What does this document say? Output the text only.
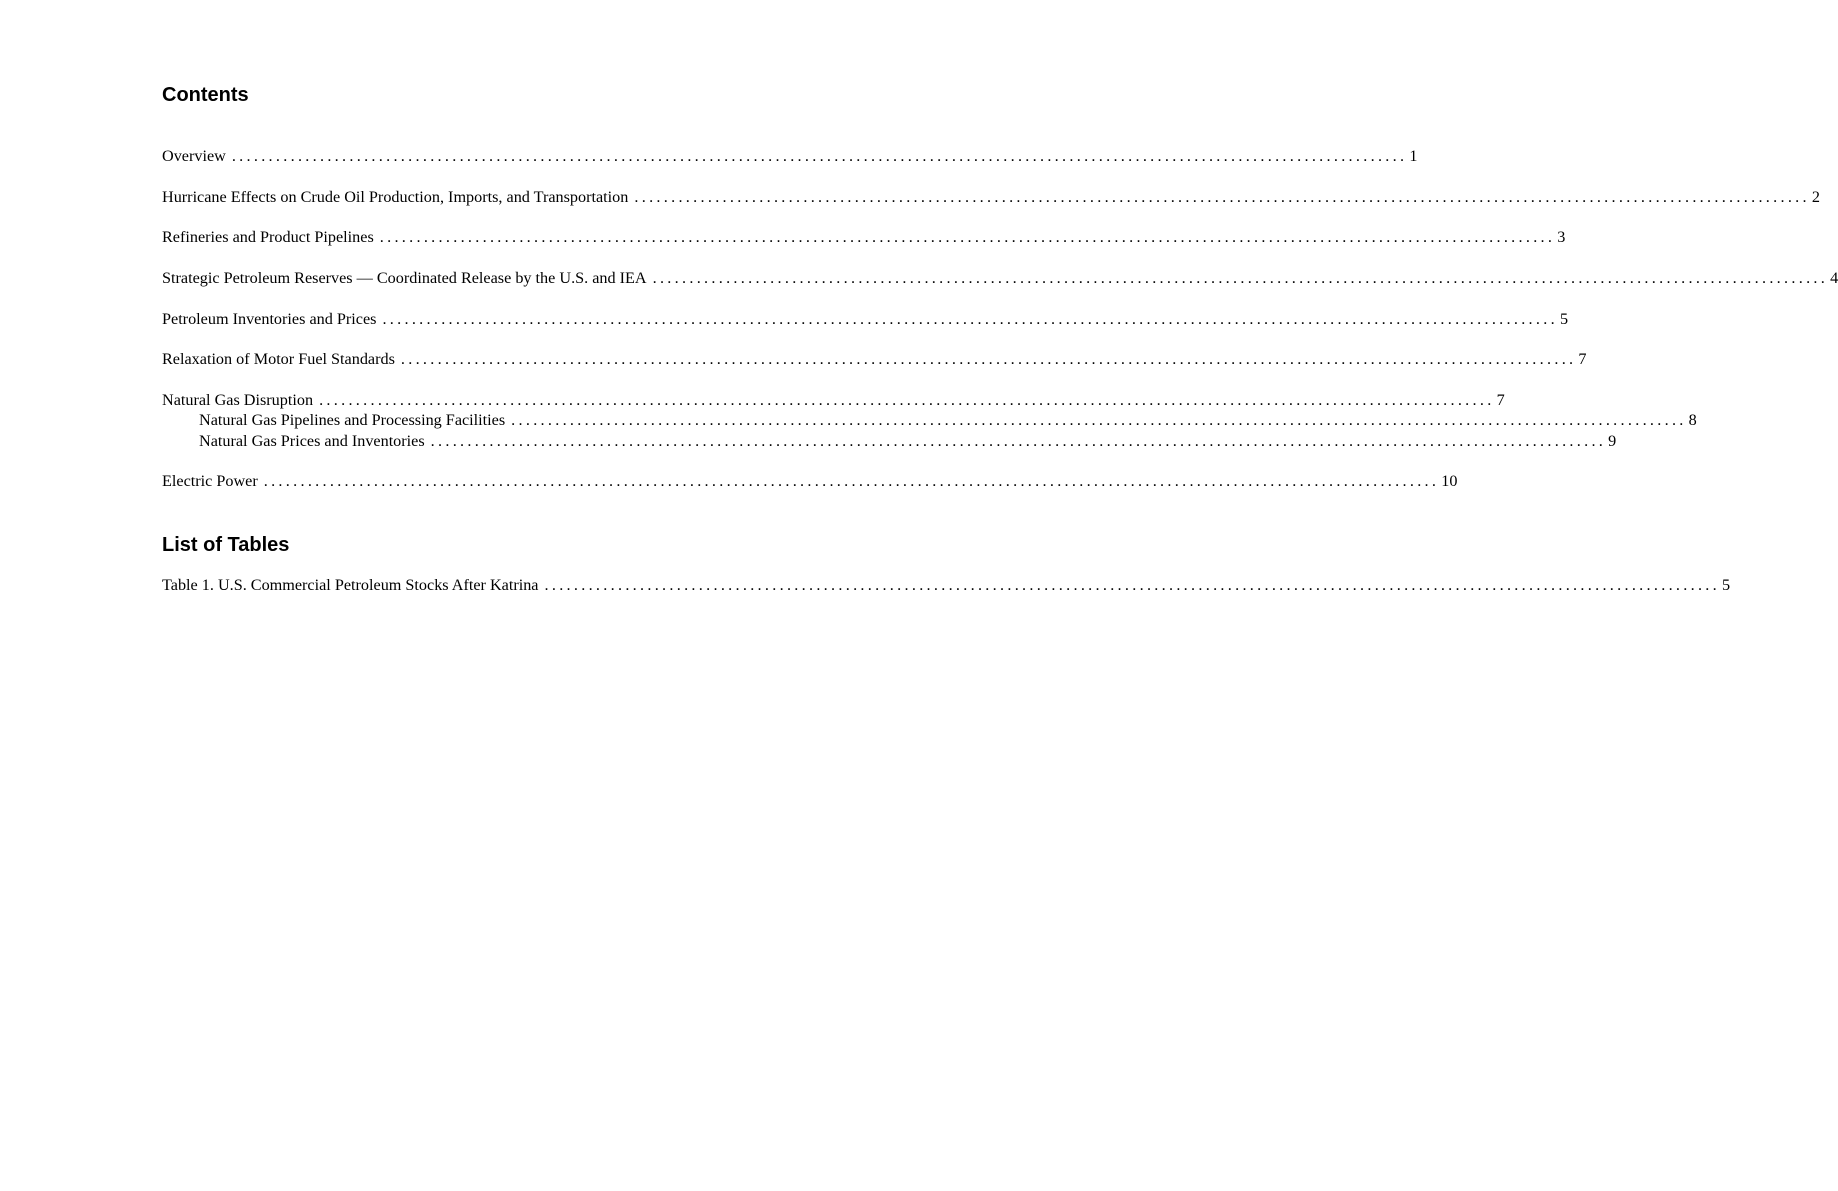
Contents
Overview ................................................................................................................................................................ 1
Hurricane Effects on Crude Oil Production, Imports, and Transportation ................................................................................................................................................................ 2
Refineries and Product Pipelines ................................................................................................................................................................ 3
Strategic Petroleum Reserves — Coordinated Release by the U.S. and IEA ................................................................................................................................................................ 4
Petroleum Inventories and Prices ................................................................................................................................................................ 5
Relaxation of Motor Fuel Standards ................................................................................................................................................................ 7
Natural Gas Disruption ................................................................................................................................................................ 7
Natural Gas Pipelines and Processing Facilities ................................................................................................................................................................ 8
Natural Gas Prices and Inventories ................................................................................................................................................................ 9
Electric Power ................................................................................................................................................................ 10
List of Tables
Table 1. U.S. Commercial Petroleum Stocks After Katrina ................................................................................................................................................................ 5
